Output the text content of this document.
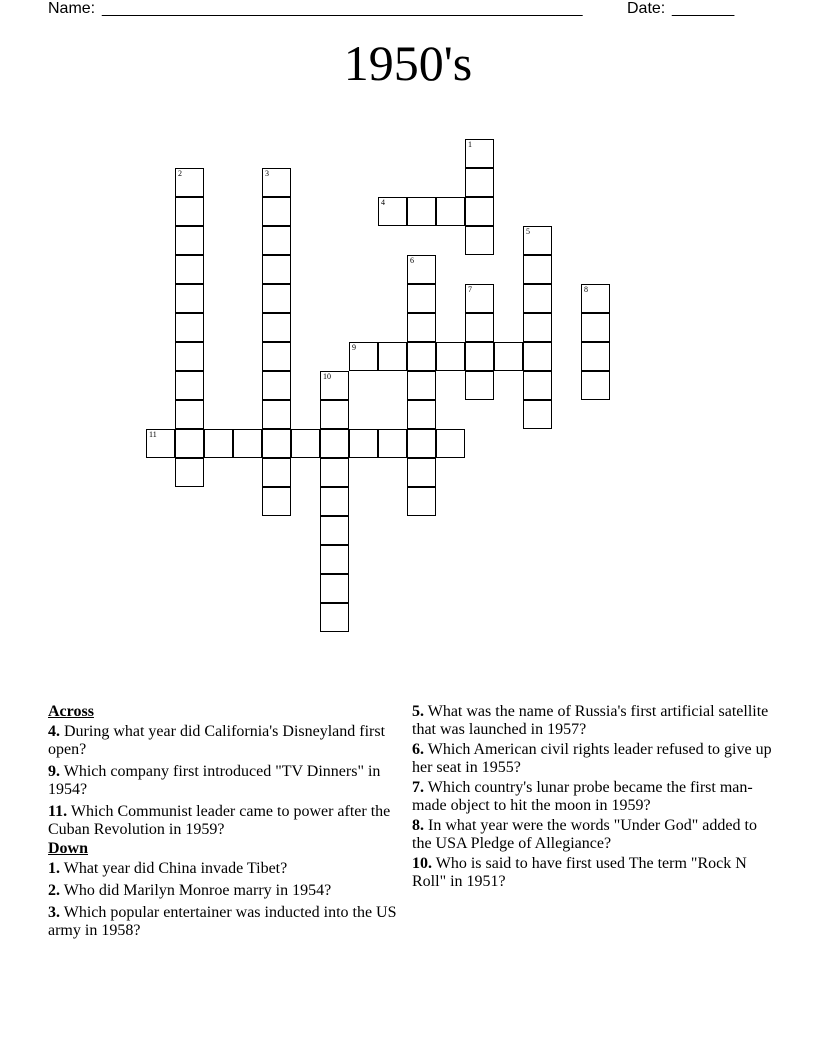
Name: ______________________________________________________	Date: _______
1950's
4
9
11
1
2	3
5
6
7	8
10
Across
4. During what year did California's Disneyland first open?
9. Which company first introduced "TV Dinners" in 1954?
11. Which Communist leader came to power after the Cuban Revolution in 1959?
Down
1. What year did China invade Tibet?
2. Who did Marilyn Monroe marry in 1954?
3. Which popular entertainer was inducted into the US army in 1958?
5. What was the name of Russia's first artificial satellite that was launched in 1957?
6. Which American civil rights leader refused to give up her seat in 1955?
7. Which country's lunar probe became the first man-made object to hit the moon in 1959?
8. In what year were the words "Under God" added to the USA Pledge of Allegiance?
10. Who is said to have first used The term "Rock N Roll" in 1951?
